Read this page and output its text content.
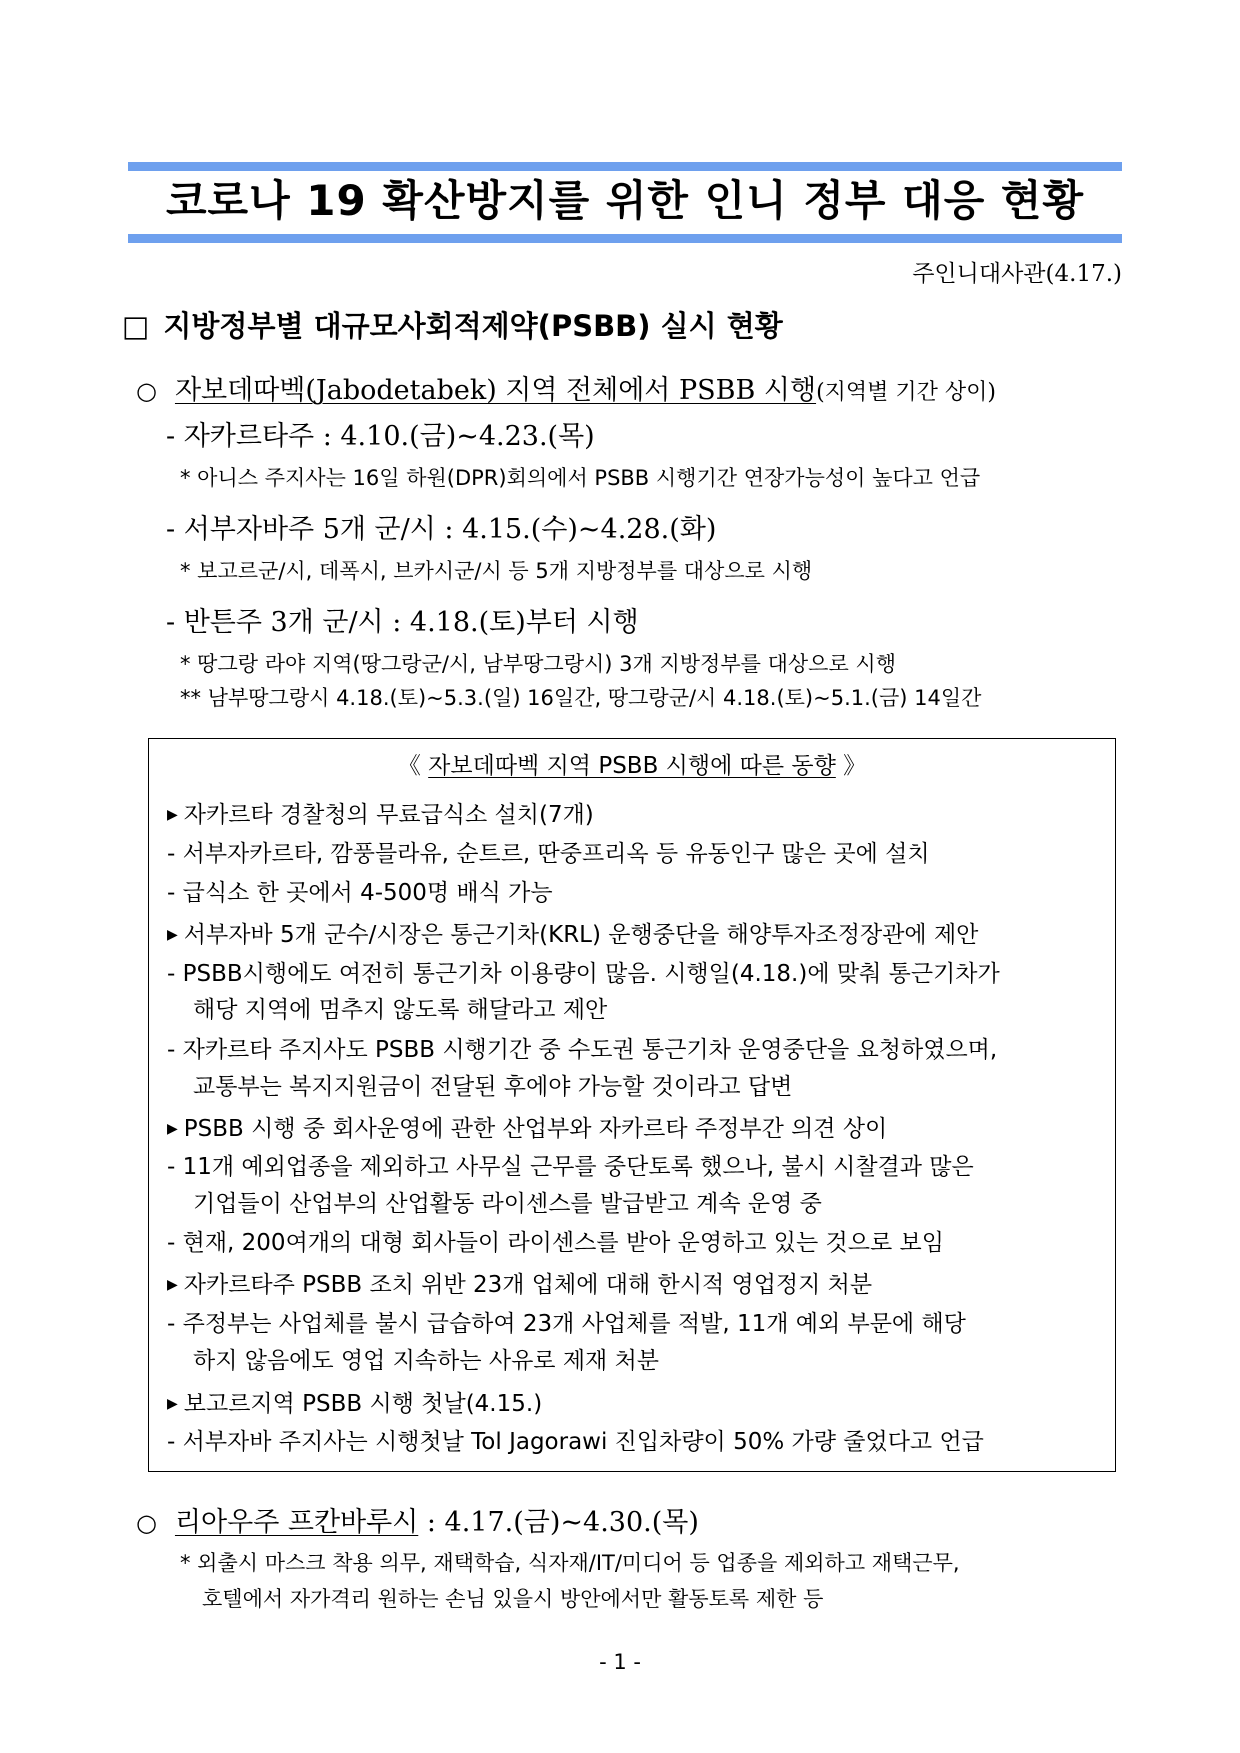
코로나 19 확산방지를 위한 인니 정부 대응 현황
주인니대사관(4.17.)
□ 지방정부별 대규모사회적제약(PSBB) 실시 현황
○ 자보데따벡(Jabodetabek) 지역 전체에서 PSBB 시행(지역별 기간 상이)
- 자카르타주 : 4.10.(금)~4.23.(목)
* 아니스 주지사는 16일 하원(DPR)회의에서 PSBB 시행기간 연장가능성이 높다고 언급
- 서부자바주 5개 군/시 : 4.15.(수)~4.28.(화)
* 보고르군/시, 데폭시, 브카시군/시 등 5개 지방정부를 대상으로 시행
- 반튼주 3개 군/시 : 4.18.(토)부터 시행
* 땅그랑 라야 지역(땅그랑군/시, 남부땅그랑시) 3개 지방정부를 대상으로 시행
** 남부땅그랑시 4.18.(토)~5.3.(일) 16일간, 땅그랑군/시 4.18.(토)~5.1.(금) 14일간
《 자보데따벡 지역 PSBB 시행에 따른 동향 》
▶ 자카르타 경찰청의 무료급식소 설치(7개)
- 서부자카르타, 깜풍믈라유, 순트르, 딴중프리옥 등 유동인구 많은 곳에 설치
- 급식소 한 곳에서 4-500명 배식 가능
▶ 서부자바 5개 군수/시장은 통근기차(KRL) 운행중단을 해양투자조정장관에 제안
- PSBB시행에도 여전히 통근기차 이용량이 많음. 시행일(4.18.)에 맞춰 통근기차가
해당 지역에 멈추지 않도록 해달라고 제안
- 자카르타 주지사도 PSBB 시행기간 중 수도권 통근기차 운영중단을 요청하였으며,
교통부는 복지지원금이 전달된 후에야 가능할 것이라고 답변
▶ PSBB 시행 중 회사운영에 관한 산업부와 자카르타 주정부간 의견 상이
- 11개 예외업종을 제외하고 사무실 근무를 중단토록 했으나, 불시 시찰결과 많은
기업들이 산업부의 산업활동 라이센스를 발급받고 계속 운영 중
- 현재, 200여개의 대형 회사들이 라이센스를 받아 운영하고 있는 것으로 보임
▶ 자카르타주 PSBB 조치 위반 23개 업체에 대해 한시적 영업정지 처분
- 주정부는 사업체를 불시 급습하여 23개 사업체를 적발, 11개 예외 부문에 해당
하지 않음에도 영업 지속하는 사유로 제재 처분
▶ 보고르지역 PSBB 시행 첫날(4.15.)
- 서부자바 주지사는 시행첫날 Tol Jagorawi 진입차량이 50% 가량 줄었다고 언급
○ 리아우주 프칸바루시 : 4.17.(금)~4.30.(목)
* 외출시 마스크 착용 의무, 재택학습, 식자재/IT/미디어 등 업종을 제외하고 재택근무,
호텔에서 자가격리 원하는 손님 있을시 방안에서만 활동토록 제한 등
- 1 -
